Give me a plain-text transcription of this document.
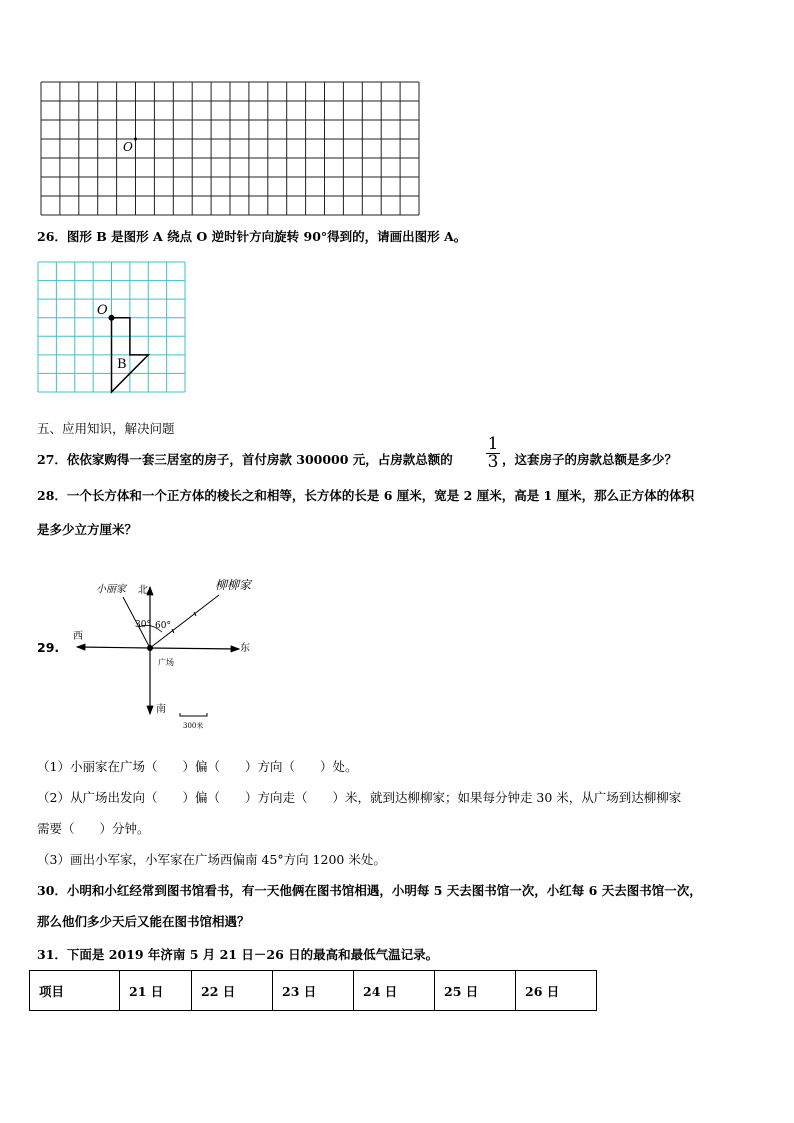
O
26．图形 B 是图形 A 绕点 O 逆时针方向旋转 90°得到的，请画出图形 A。
O
B
五、应用知识，解决问题
27．依依家购得一套三居室的房子，首付房款 300000 元，占房款总额的 $\frac{1}{3}$ ，这套房子的房款总额是多少？
28．一个长方体和一个正方体的棱长之和相等，长方体的长是 6 厘米，宽是 2 厘米，高是 1 厘米，那么正方体的体积
是多少立方厘米？
29.
西
东
北
南
广场
小丽家	柳柳家
30° 60°
300米
（1）小丽家在广场（　　）偏（　　）方向（　　）处。
（2）从广场出发向（　　）偏（　　）方向走（　　）米，就到达柳柳家；如果每分钟走 30 米，从广场到达柳柳家
需要（　　）分钟。
（3）画出小军家，小军家在广场西偏南 45°方向 1200 米处。
30．小明和小红经常到图书馆看书，有一天他俩在图书馆相遇，小明每 5 天去图书馆一次，小红每 6 天去图书馆一次，
那么他们多少天后又能在图书馆相遇？
31．下面是 2019 年济南 5 月 21 日－26 日的最高和最低气温记录。
项目	21 日	22 日	23 日	24 日	25 日	26 日
